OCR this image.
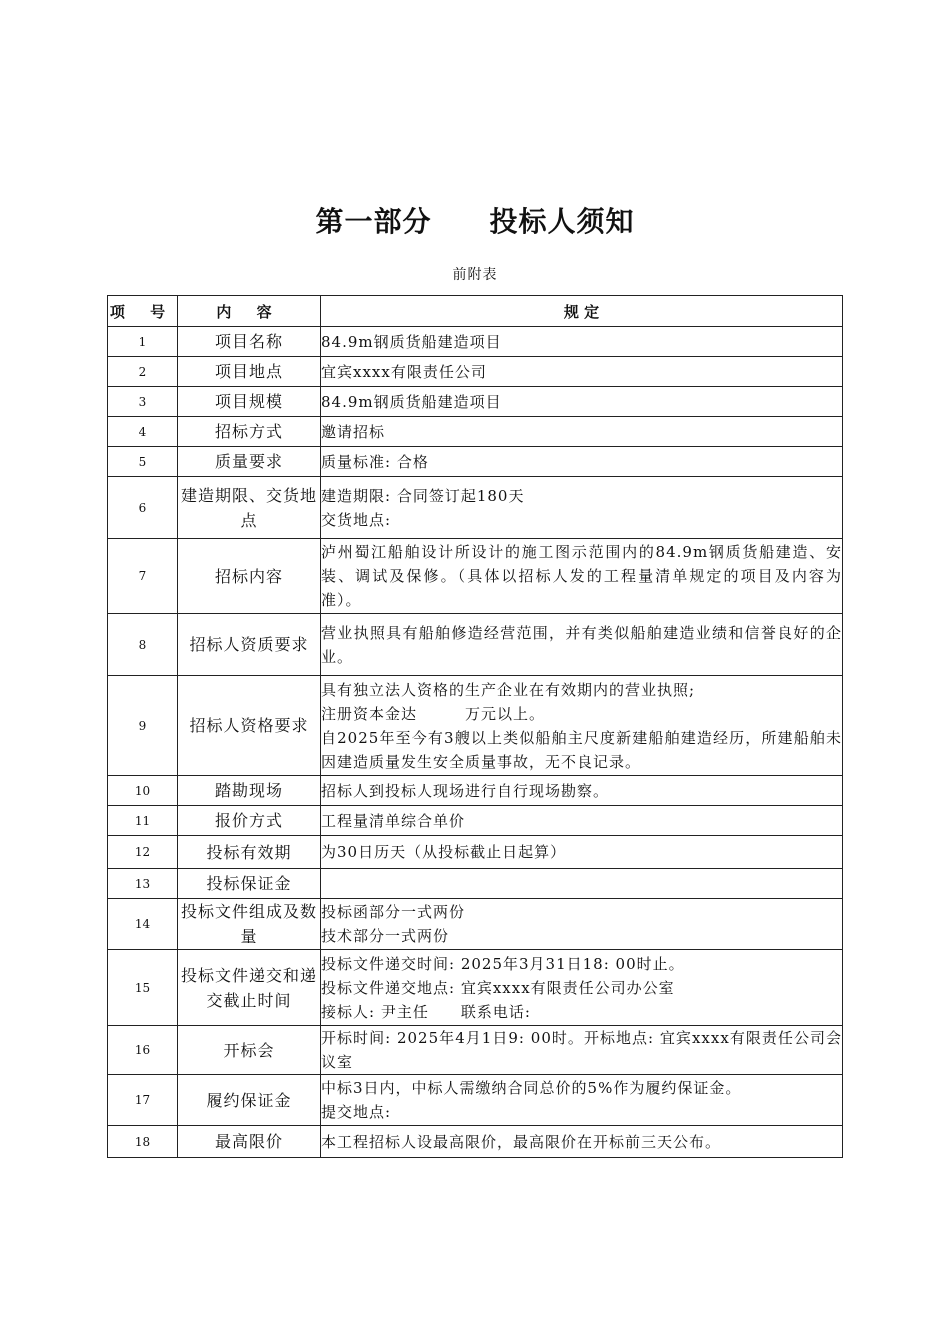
第一部分　　投标人须知
前附表
项 号	内 容	规 定
1	项目名称	84.9m钢质货船建造项目

2	项目地点	宜宾xxxx有限责任公司

3	项目规模	84.9m钢质货船建造项目

4	招标方式	邀请招标

5	质量要求	质量标准: 合格

6	建造期限、交货地点	建造期限: 合同签订起180天
交货地点:

7	招标内容	泸州蜀江船舶设计所设计的施工图示范围内的84.9m钢质货船建造、安装、调试及保修。（具体以招标人发的工程量清单规定的项目及内容为准）。

8	招标人资质要求	营业执照具有船舶修造经营范围，并有类似船舶建造业绩和信誉良好的企业。

9	招标人资格要求	具有独立法人资格的生产企业在有效期内的营业执照;
注册资本金达　　　万元以上。
自2025年至今有3艘以上类似船舶主尺度新建船舶建造经历，所建船舶未因建造质量发生安全质量事故，无不良记录。

10	踏勘现场	招标人到投标人现场进行自行现场勘察。

11	报价方式	工程量清单综合单价

12	投标有效期	为30日历天（从投标截止日起算）

13	投标保证金	

14	投标文件组成及数量	投标函部分一式两份
技术部分一式两份

15	投标文件递交和递交截止时间	投标文件递交时间: 2025年3月31日18: 00时止。
投标文件递交地点: 宜宾xxxx有限责任公司办公室
接标人: 尹主任　　联系电话:

16	开标会	开标时间: 2025年4月1日9: 00时。开标地点: 宜宾xxxx有限责任公司会议室

17	履约保证金	中标3日内，中标人需缴纳合同总价的5%作为履约保证金。
提交地点:

18	最高限价	本工程招标人设最高限价，最高限价在开标前三天公布。
